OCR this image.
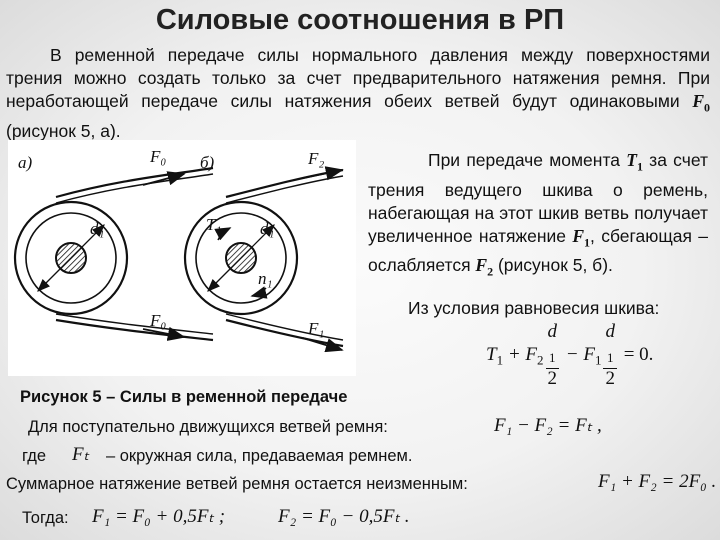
Силовые соотношения в РП
В ременной передаче силы нормального давления между поверхностями трения можно создать только за счет предварительного натяжения ремня. При неработающей передаче силы натяжения обеих ветвей будут одинаковыми $F_0$ (рисунок 5, а).
а)	б)
F₀
F₀
F₂
F₁
d₁	d₁
T₁
n₁
При передаче момента $T_1$ за счет трения ведущего шкива о ремень, набегающая на этот шкив ветвь получает увеличенное натяжение $F_1$, сбегающая – ослабляется $F_2$ (рисунок 5, б).
Из условия равновесия шкива:
$T_1 + F_2$ d
$_1$
$2 - F_1$ d
$_1$
2 = 0.
Рисунок 5 – Силы в ременной передаче
Для поступательно движущихся ветвей ремня:	F₁ − F₂ = Fₜ ,
где Fₜ – окружная сила, предаваемая ремнем.
Суммарное натяжение ветвей ремня остается неизменным:	F₁ + F₂ = 2F₀ .
Тогда: F₁ = F₀ + 0,5Fₜ ;	F₂ = F₀ − 0,5Fₜ .
